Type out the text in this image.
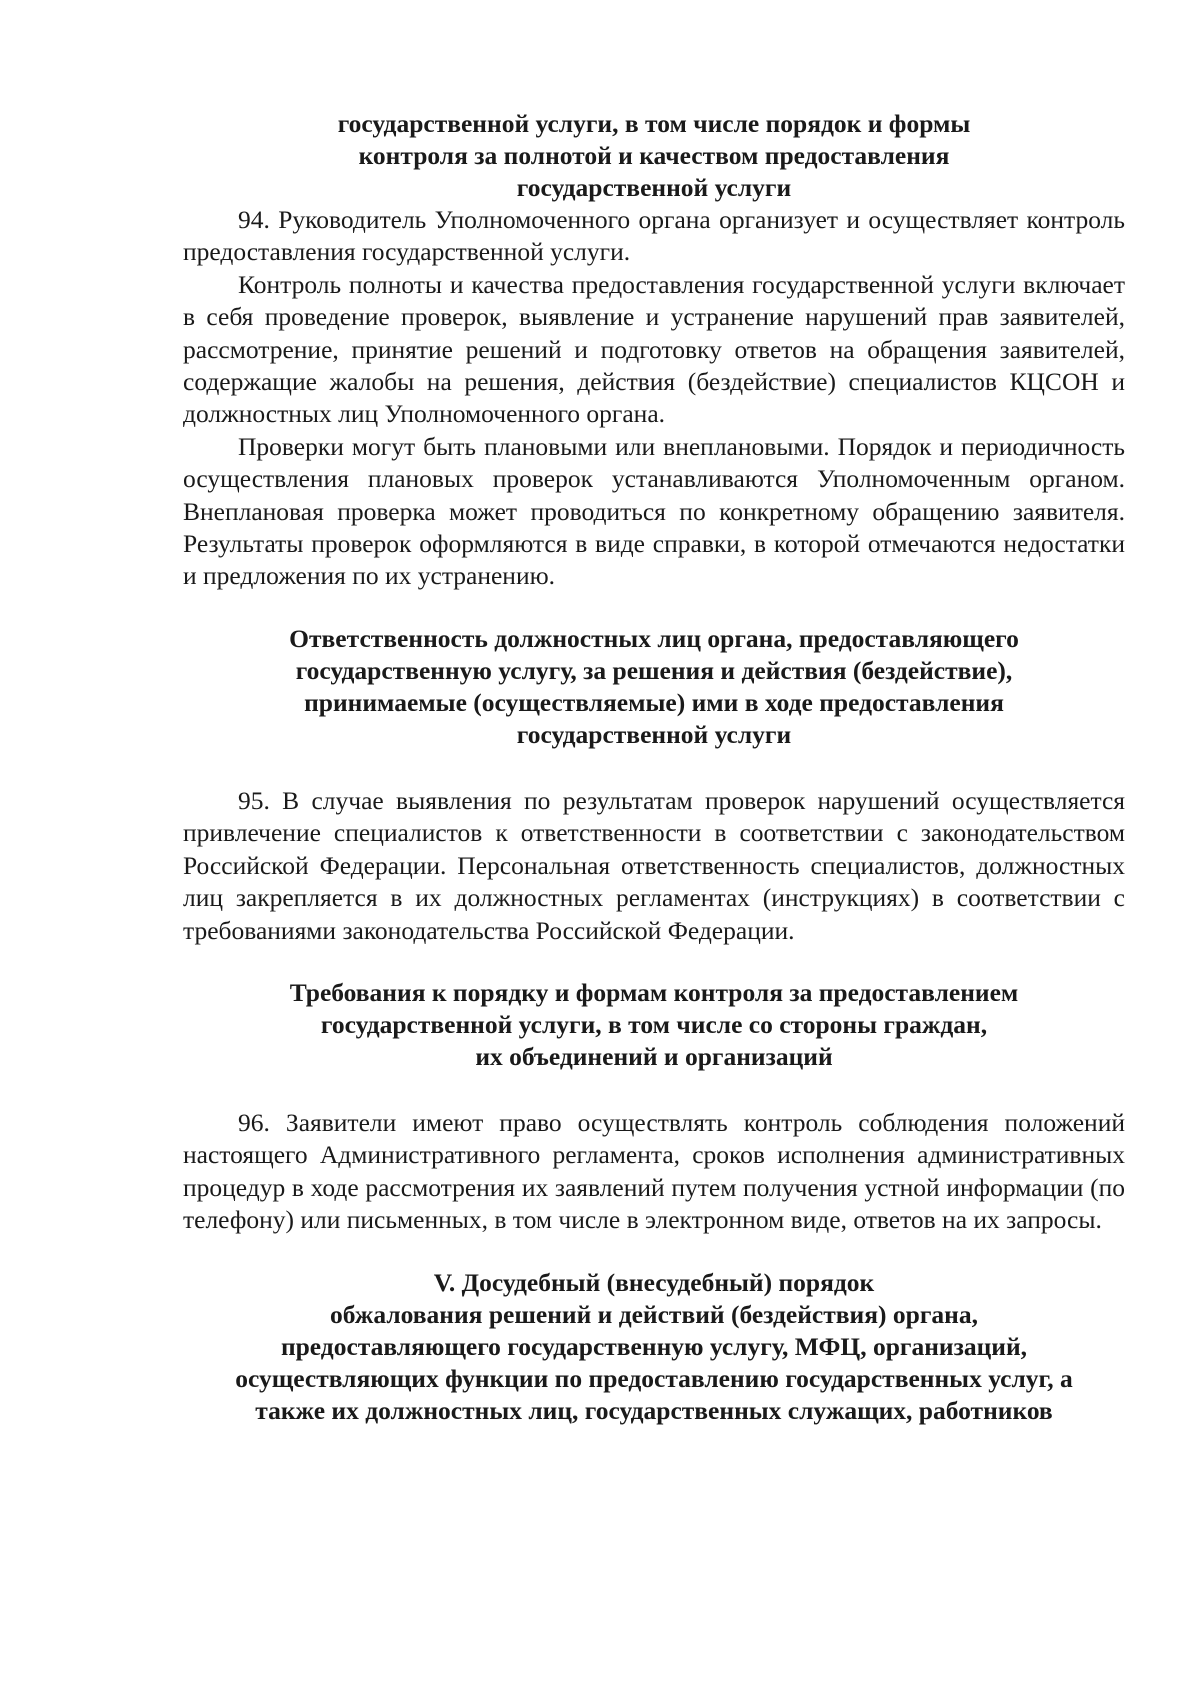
государственной услуги, в том числе порядок и формы
контроля за полнотой и качеством предоставления
государственной услуги

94. Руководитель Уполномоченного органа организует и осуществляет контроль предоставления государственной услуги.

Контроль полноты и качества предоставления государственной услуги включает в себя проведение проверок, выявление и устранение нарушений прав заявителей, рассмотрение, принятие решений и подготовку ответов на обращения заявителей, содержащие жалобы на решения, действия (бездействие) специалистов КЦСОН и должностных лиц Уполномоченного органа.

Проверки могут быть плановыми или внеплановыми. Порядок и периодичность осуществления плановых проверок устанавливаются Уполномоченным органом. Внеплановая проверка может проводиться по конкретному обращению заявителя. Результаты проверок оформляются в виде справки, в которой отмечаются недостатки и предложения по их устранению.

Ответственность должностных лиц органа, предоставляющего
государственную услугу, за решения и действия (бездействие),
принимаемые (осуществляемые) ими в ходе предоставления
государственной услуги

95. В случае выявления по результатам проверок нарушений осуществляется привлечение специалистов к ответственности в соответствии с законодательством Российской Федерации. Персональная ответственность специалистов, должностных лиц закрепляется в их должностных регламентах (инструкциях) в соответствии с требованиями законодательства Российской Федерации.

Требования к порядку и формам контроля за предоставлением
государственной услуги, в том числе со стороны граждан,
их объединений и организаций

96. Заявители имеют право осуществлять контроль соблюдения положений настоящего Административного регламента, сроков исполнения административных процедур в ходе рассмотрения их заявлений путем получения устной информации (по телефону) или письменных, в том числе в электронном виде, ответов на их запросы.

V. Досудебный (внесудебный) порядок
обжалования решений и действий (бездействия) органа,
предоставляющего государственную услугу, МФЦ, организаций,
осуществляющих функции по предоставлению государственных услуг, а
также их должностных лиц, государственных служащих, работников
